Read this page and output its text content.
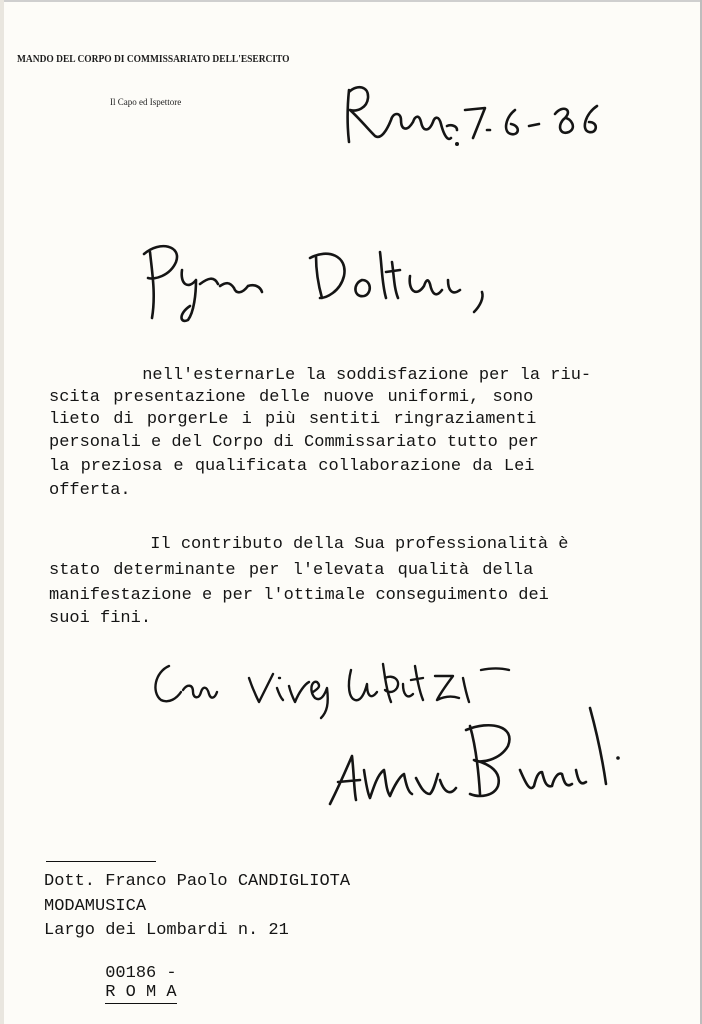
MANDO DEL CORPO DI COMMISSARIATO DELL'ESERCITO
Il Capo ed Ispettore
nell'esternarLe la soddisfazione per la riu-
scita presentazione delle nuove uniformi, sono
lieto di porgerLe i più sentiti ringraziamenti
personali e del Corpo di Commissariato tutto per
la preziosa e qualificata collaborazione da Lei
offerta.
Il contributo della Sua professionalità è
stato determinante per l'elevata qualità della
manifestazione e per l'ottimale conseguimento dei
suoi fini.
Dott. Franco Paolo CANDIGLIOTA
MODAMUSICA
Largo dei Lombardi n. 21

00186 -
R O M A
